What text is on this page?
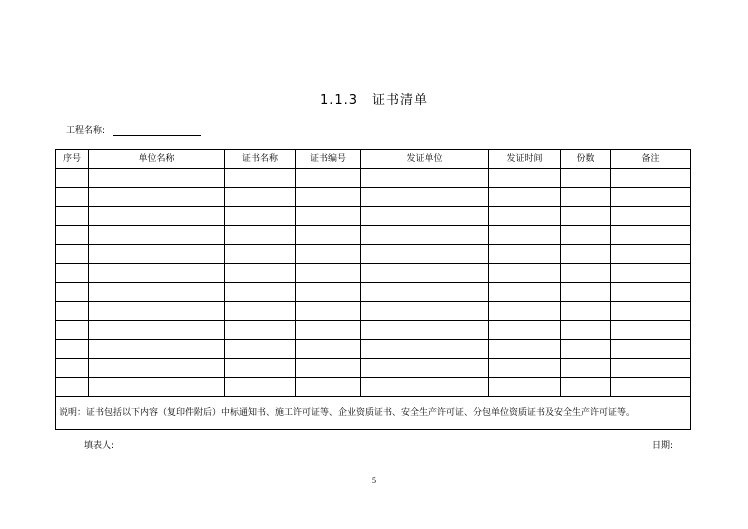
1.1.3　证书清单
工程名称:
序号	单位名称	证书名称	证书编号	发证单位	发证时间	份数	备注

说明：证书包括以下内容（复印件附后）中标通知书、施工许可证等、企业资质证书、安全生产许可证、分包单位资质证书及安全生产许可证等。							
填表人:	日期:
5
